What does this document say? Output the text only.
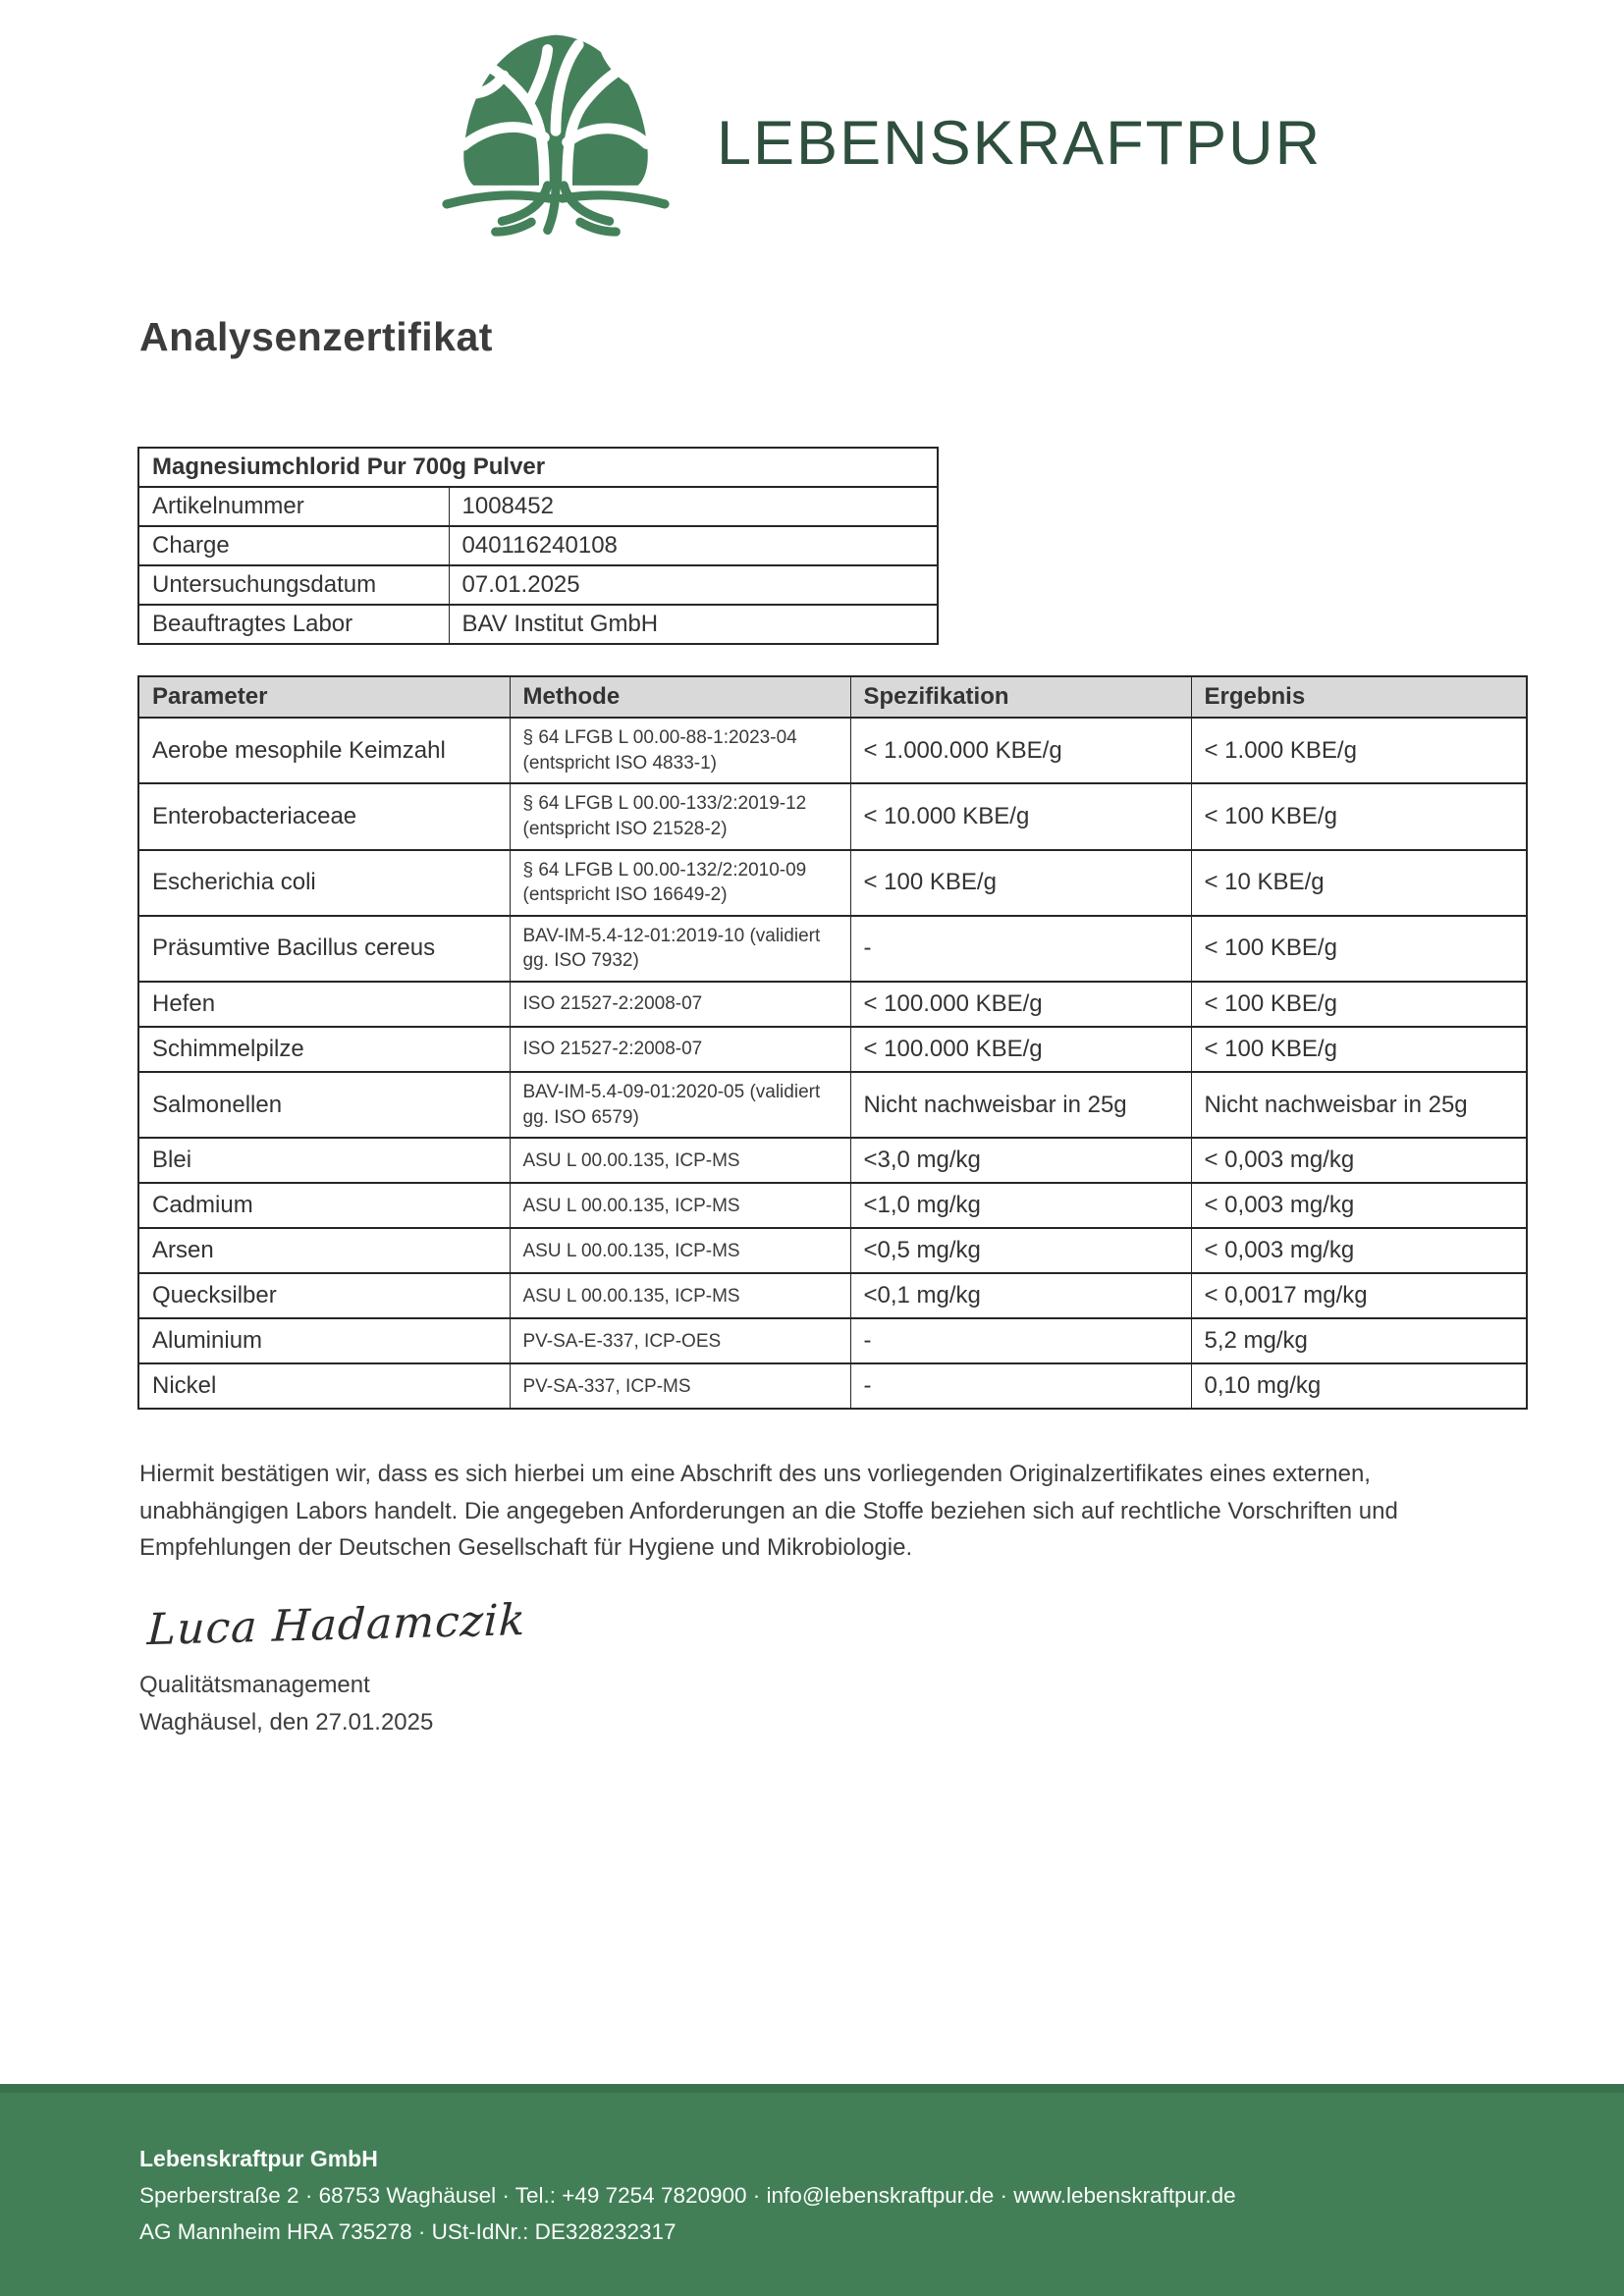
LEBENSKRAFTPUR
Analysenzertifikat
Magnesiumchlorid Pur 700g Pulver	
Artikelnummer	1008452
Charge	040116240108
Untersuchungsdatum	07.01.2025
Beauftragtes Labor	BAV Institut GmbH
Parameter	Methode	Spezifikation	Ergebnis
Aerobe mesophile Keimzahl	§ 64 LFGB L 00.00-88-1:2023-04 (entspricht ISO 4833-1)	< 1.000.000 KBE/g	< 1.000 KBE/g
Enterobacteriaceae	§ 64 LFGB L 00.00-133/2:2019-12 (entspricht ISO 21528-2)	< 10.000 KBE/g	< 100 KBE/g
Escherichia coli	§ 64 LFGB L 00.00-132/2:2010-09 (entspricht ISO 16649-2)	< 100 KBE/g	< 10 KBE/g
Präsumtive Bacillus cereus	BAV-IM-5.4-12-01:2019-10 (validiert gg. ISO 7932)	-	< 100 KBE/g
Hefen	ISO 21527-2:2008-07	< 100.000 KBE/g	< 100 KBE/g
Schimmelpilze	ISO 21527-2:2008-07	< 100.000 KBE/g	< 100 KBE/g
Salmonellen	BAV-IM-5.4-09-01:2020-05 (validiert gg. ISO 6579)	Nicht nachweisbar in 25g	Nicht nachweisbar in 25g
Blei	ASU L 00.00.135, ICP-MS	<3,0 mg/kg	< 0,003 mg/kg
Cadmium	ASU L 00.00.135, ICP-MS	<1,0 mg/kg	< 0,003 mg/kg
Arsen	ASU L 00.00.135, ICP-MS	<0,5 mg/kg	< 0,003 mg/kg
Quecksilber	ASU L 00.00.135, ICP-MS	<0,1 mg/kg	< 0,0017 mg/kg
Aluminium	PV-SA-E-337, ICP-OES	-	5,2 mg/kg
Nickel	PV-SA-337, ICP-MS	-	0,10 mg/kg

Hiermit bestätigen wir, dass es sich hierbei um eine Abschrift des uns vorliegenden Originalzertifikates eines externen, unabhängigen Labors handelt. Die angegeben Anforderungen an die Stoffe beziehen sich auf rechtliche Vorschriften und Empfehlungen der Deutschen Gesellschaft für Hygiene und Mikrobiologie.

Luca Hadamczik
Qualitätsmanagement
Waghäusel, den 27.01.2025
Lebenskraftpur GmbH
Sperberstraße 2 · 68753 Waghäusel · Tel.: +49 7254 7820900 · info@lebenskraftpur.de · www.lebenskraftpur.de
AG Mannheim HRA 735278 · USt-IdNr.: DE328232317
